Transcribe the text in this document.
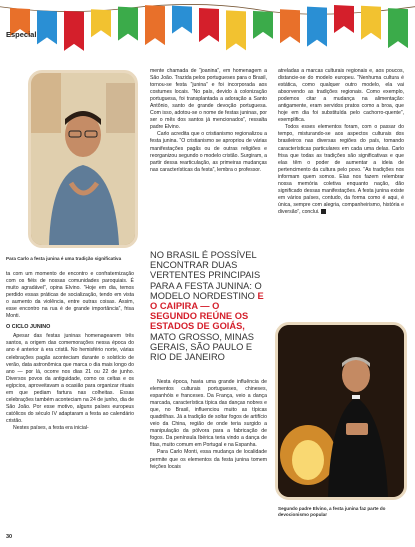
Especial
Para Carlo a festa junina é uma tradição significativa

ta com um momento de encontro e confraternização com os fiéis de nossas comunidades paroquiais. É muito agradável”, opina Elvino. “Hoje em dia, temos perdido essas práticas de socialização, tendo em vista o aumento da violência, entre outras coisas. Assim, esse encontro na rua é de grande importância”, frisa Monti.

O CICLO JUNINO

Apesar das festas juninas homenagearem três santos, a origem das comemorações nessa época do ano é anterior à era cristã. No hemisfério norte, várias celebrações pagãs aconteciam durante o solstício de verão, data astronômica que marca o dia mais longo do ano — por lá, ocorre nos dias 21 ou 22 de junho. Diversos povos da antiguidade, como os celtas e os egípcios, aproveitavam a ocasião para organizar rituais em que pediam fartura nas colheitas. Essas celebrações também aconteciam na 24 de junho, dia de São João. Por esse motivo, alguns países europeus católicos do século IV adaptaram a festa ao calendário cristão.

Nestes países, a festa era inicial-

mente chamada de “joanina”, em homenagem a São João. Trazida pelos portugueses para o Brasil, tornou-se festa “junina” e foi incorporada aos costumes locais. “No país, devido à colonização portuguesa, foi transplantada a adoração a Santo Antônio, santo de grande devoção portuguesa. Com isso, adotou-se o nome de festas juninas, por ser o mês dos santos já mencionados”, ressalta padre Elvino.

Carlo acredita que o cristianismo regionalizou a festa junina. “O cristianismo se apropriou de várias manifestações pagãs ou de outras religiões e reorganizou segundo o modelo cristão. Surgiram, a partir dessa rearticulação, as primeiras mudanças nas características da festa”, lembra o professor.

NO BRASIL É POSSÍVEL ENCONTRAR DUAS VERTENTES PRINCIPAIS PARA A FESTA JUNINA: O MODELO NORDESTINO E O CAIPIRA — O SEGUNDO REÚNE OS ESTADOS DE GOIÁS, MATO GROSSO, MINAS GERAIS, SÃO PAULO E RIO DE JANEIRO

Nesta época, havia uma grande influência de elementos culturais portugueses, chineses, espanhóis e franceses. Da França, veio a dança marcada, característica típica das danças nobres e que, no Brasil, influenciou muito as típicas quadrilhas. Já a tradição de soltar fogos de artifício veio da China, região de onde teria surgido a manipulação da pólvora para a fabricação de fogos. Da península Ibérica teria vindo a dança de fitas, muito comum em Portugal e na Espanha.

Para Carlo Monti, essa mudança de localidade permite que os elementos da festa junina tomem feições locais

atreladas a marcas culturais regionais e, aos poucos, distancie-se do modelo europeu. “Nenhuma cultura é estática, como qualquer outro modelo, ela vai absorvendo as tradições regionais. Como exemplo, podemos citar a mudança na alimentação: antigamente, eram servidos pratos como a broa, que hoje em dia foi substituída pelo cachorro-quente”, exemplifica.

Todos esses elementos foram, com o passar do tempo, misturando-se aos aspectos culturais dos brasileiros nas diversas regiões do país, tomando características particulares em cada uma delas. Carlo frisa que todas as tradições são significativas e que elas têm o poder de aumentar a ideia de pertencimento da cultura pelo povo. “As tradições nos informam quem somos. Elas nos fazem relembrar nossa memória coletiva enquanto nação, dão significado dessas manifestações. A festa junina existe em vários países, contudo, da forma como é aqui, é única, sempre com alegria, companheirismo, história e diversão”, conclui.

Segundo padre Elvino, a festa junina faz parte do devocionismo popular
30
